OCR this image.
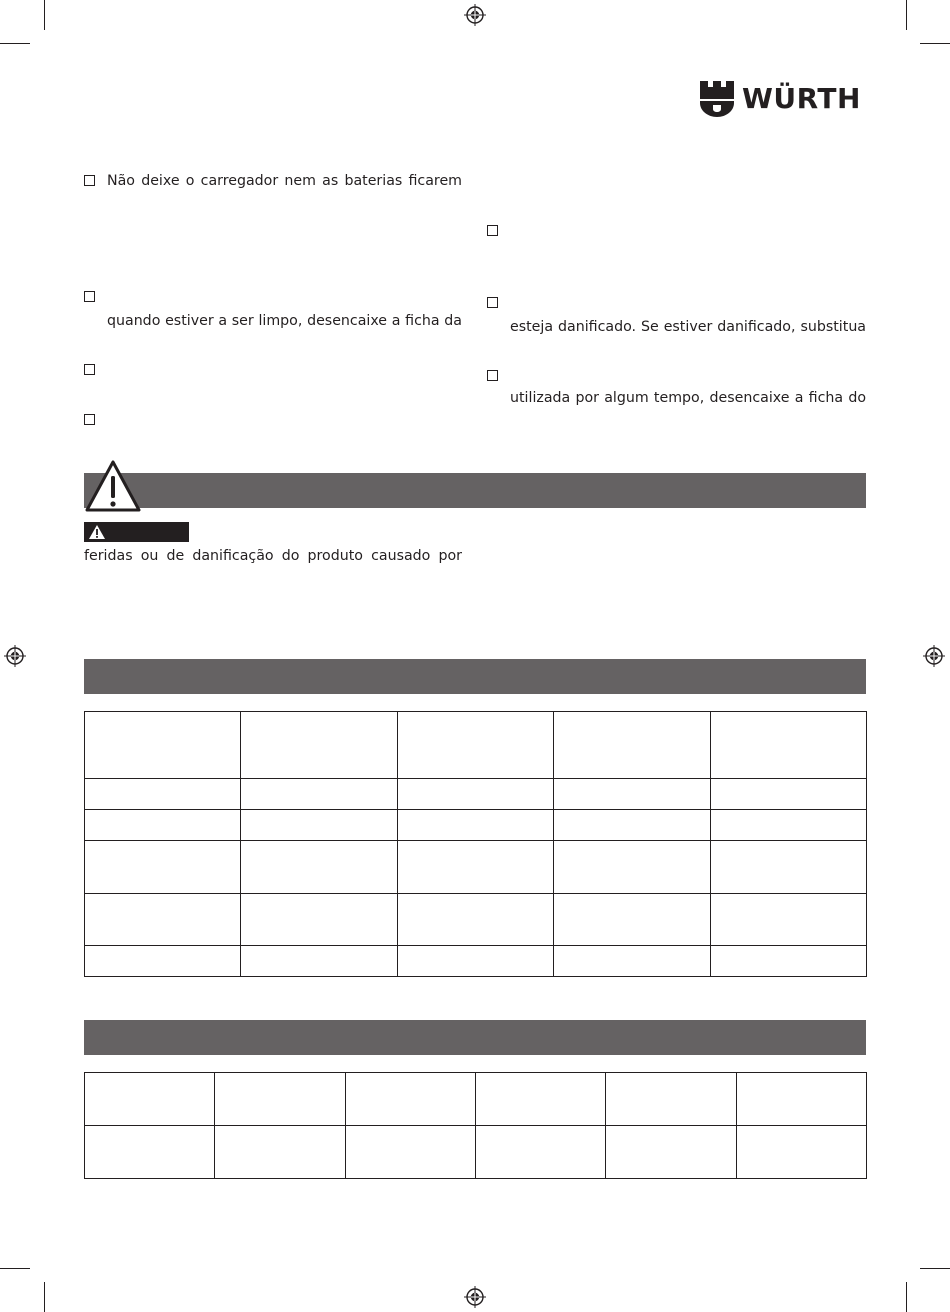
WÜRTH
Não deixe o carregador nem as baterias ficarem
quando estiver a ser limpo, desencaixe a ficha da	esteja danificado. Se estiver danificado, substitua
utilizada por algum tempo, desencaixe a ficha do
feridas ou de danificação do produto causado por
